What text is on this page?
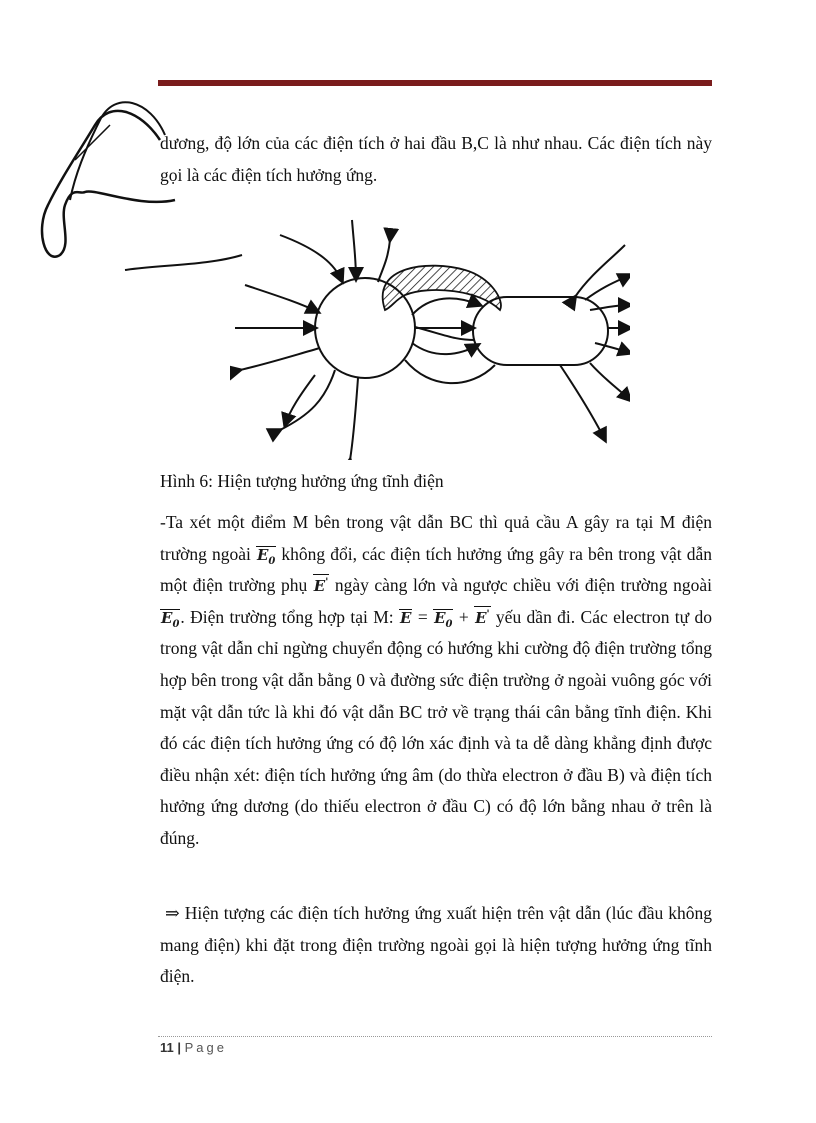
dương, độ lớn của các điện tích ở hai đầu B,C là như nhau. Các điện tích này gọi là các điện tích hưởng ứng.

Hình 6: Hiện tượng hưởng ứng tĩnh điện

-Ta xét một điểm M bên trong vật dẫn BC thì quả cầu A gây ra tại M điện trường ngoài $E_0$ không đổi, các điện tích hưởng ứng gây ra bên trong vật dẫn một điện trường phụ E' ngày càng lớn và ngược chiều với điện trường ngoài $E_0$. Điện trường tổng hợp tại M: $E = E_0 + E'$ yếu dần đi. Các electron tự do trong vật dẫn chỉ ngừng chuyển động có hướng khi cường độ điện trường tổng hợp bên trong vật dẫn bằng 0 và đường sức điện trường ở ngoài vuông góc với mặt vật dẫn tức là khi đó vật dẫn BC trở về trạng thái cân bằng tĩnh điện. Khi đó các điện tích hưởng ứng có độ lớn xác định và ta dễ dàng khẳng định được điều nhận xét: điện tích hưởng ứng âm (do thừa electron ở đầu B) và điện tích hưởng ứng dương (do thiếu electron ở đầu C) có độ lớn bằng nhau ở trên là đúng.

⇒ Hiện tượng các điện tích hưởng ứng xuất hiện trên vật dẫn (lúc đầu không mang điện) khi đặt trong điện trường ngoài gọi là hiện tượng hưởng ứng tĩnh điện.

11 | Page
